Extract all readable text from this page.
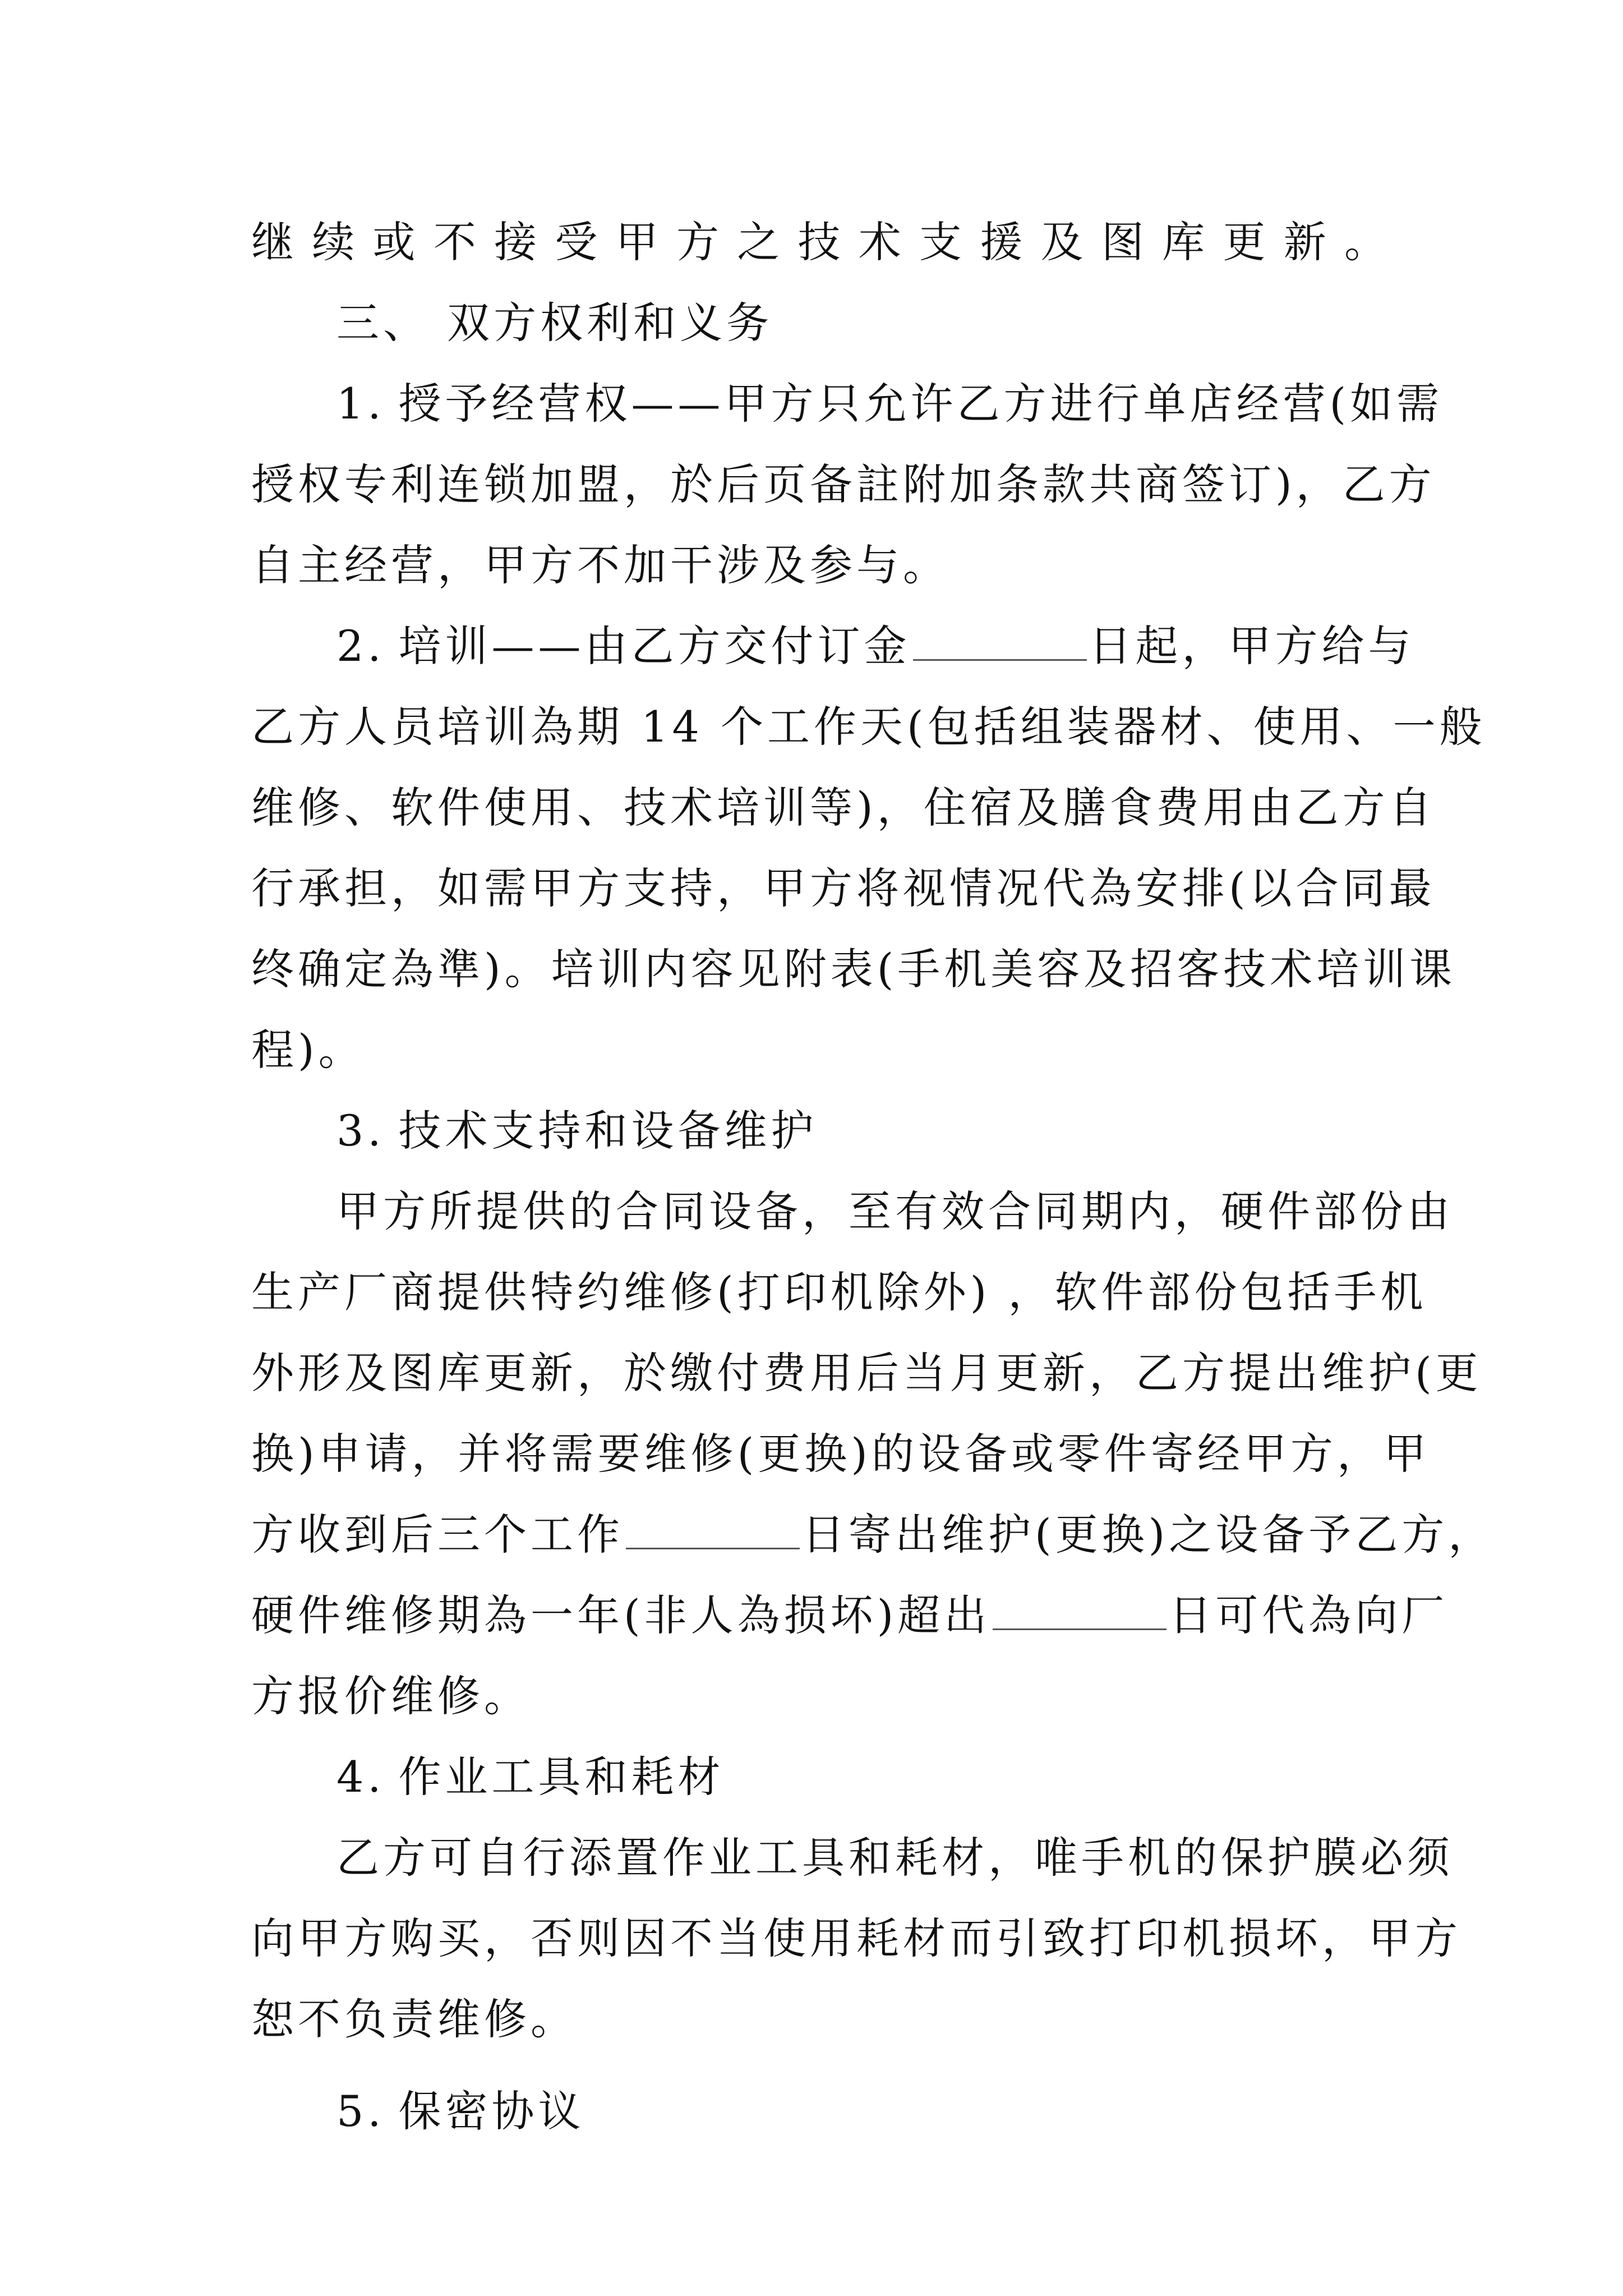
继续或不接受甲方之技术支援及图库更新。
三、 双方权利和义务
1. 授予经营权——甲方只允许乙方进行单店经营(如需
授权专利连锁加盟，於后页备註附加条款共商签订)，乙方
自主经营，甲方不加干涉及参与。
2. 培训——由乙方交付订金	日起，甲方给与
乙方人员培训為期 14 个工作天(包括组装器材、使用、一般
维修、软件使用、技术培训等)，住宿及膳食费用由乙方自
行承担，如需甲方支持，甲方将视情况代為安排(以合同最
终确定為準)。培训内容见附表(手机美容及招客技术培训课
程)。
3. 技术支持和设备维护
甲方所提供的合同设备，至有效合同期内，硬件部份由
生产厂商提供特约维修(打印机除外) ，软件部份包括手机
外形及图库更新，於缴付费用后当月更新，乙方提出维护(更
换)申请，并将需要维修(更换)的设备或零件寄经甲方，甲
方收到后三个工作	日寄出维护(更换)之设备予乙方，
硬件维修期為一年(非人為损坏)超出	日可代為向厂
方报价维修。
4. 作业工具和耗材
乙方可自行添置作业工具和耗材，唯手机的保护膜必须
向甲方购买，否则因不当使用耗材而引致打印机损坏，甲方
恕不负责维修。
5. 保密协议
